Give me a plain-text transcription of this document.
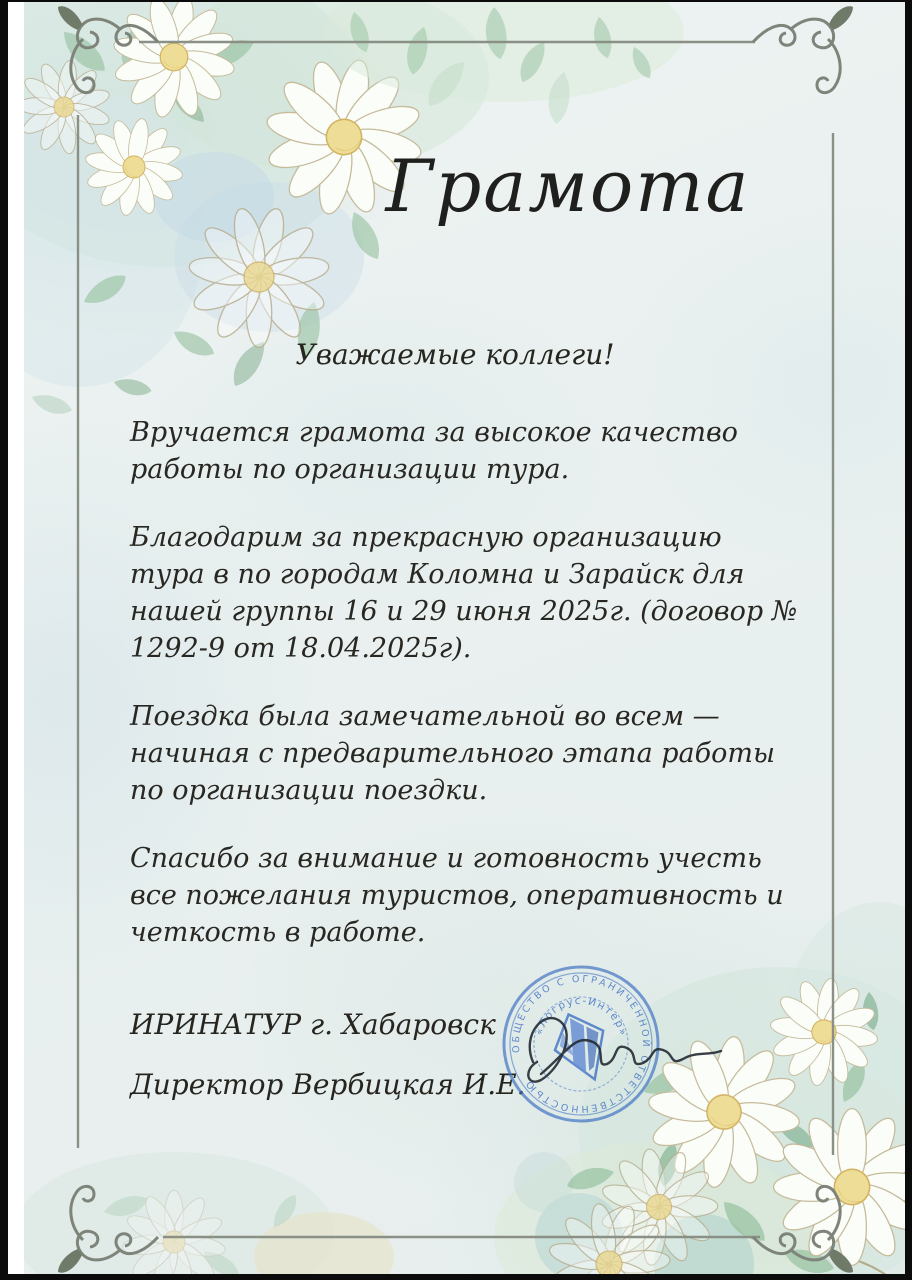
Грамота
Уважаемые коллеги!

Вручается грамота за высокое качество работы по организации тура.

Благодарим за прекрасную организацию тура в по городам Коломна и Зарайск для нашей группы 16 и 29 июня 2025г. (договор № 1292-9 от 18.04.2025г).

Поездка была замечательной во всем — начиная с предварительного этапа работы по организации поездки.

Спасибо за внимание и готовность учесть все пожелания туристов, оперативность и четкость в работе.

ИРИНАТУР г. Хабаровск
Директор Вербицкая И.Е.
ОБЩЕСТВО С ОГРАНИЧЕННОЙ ОТВЕТСТВЕННОСТЬЮ
«Логрус-Интер»
